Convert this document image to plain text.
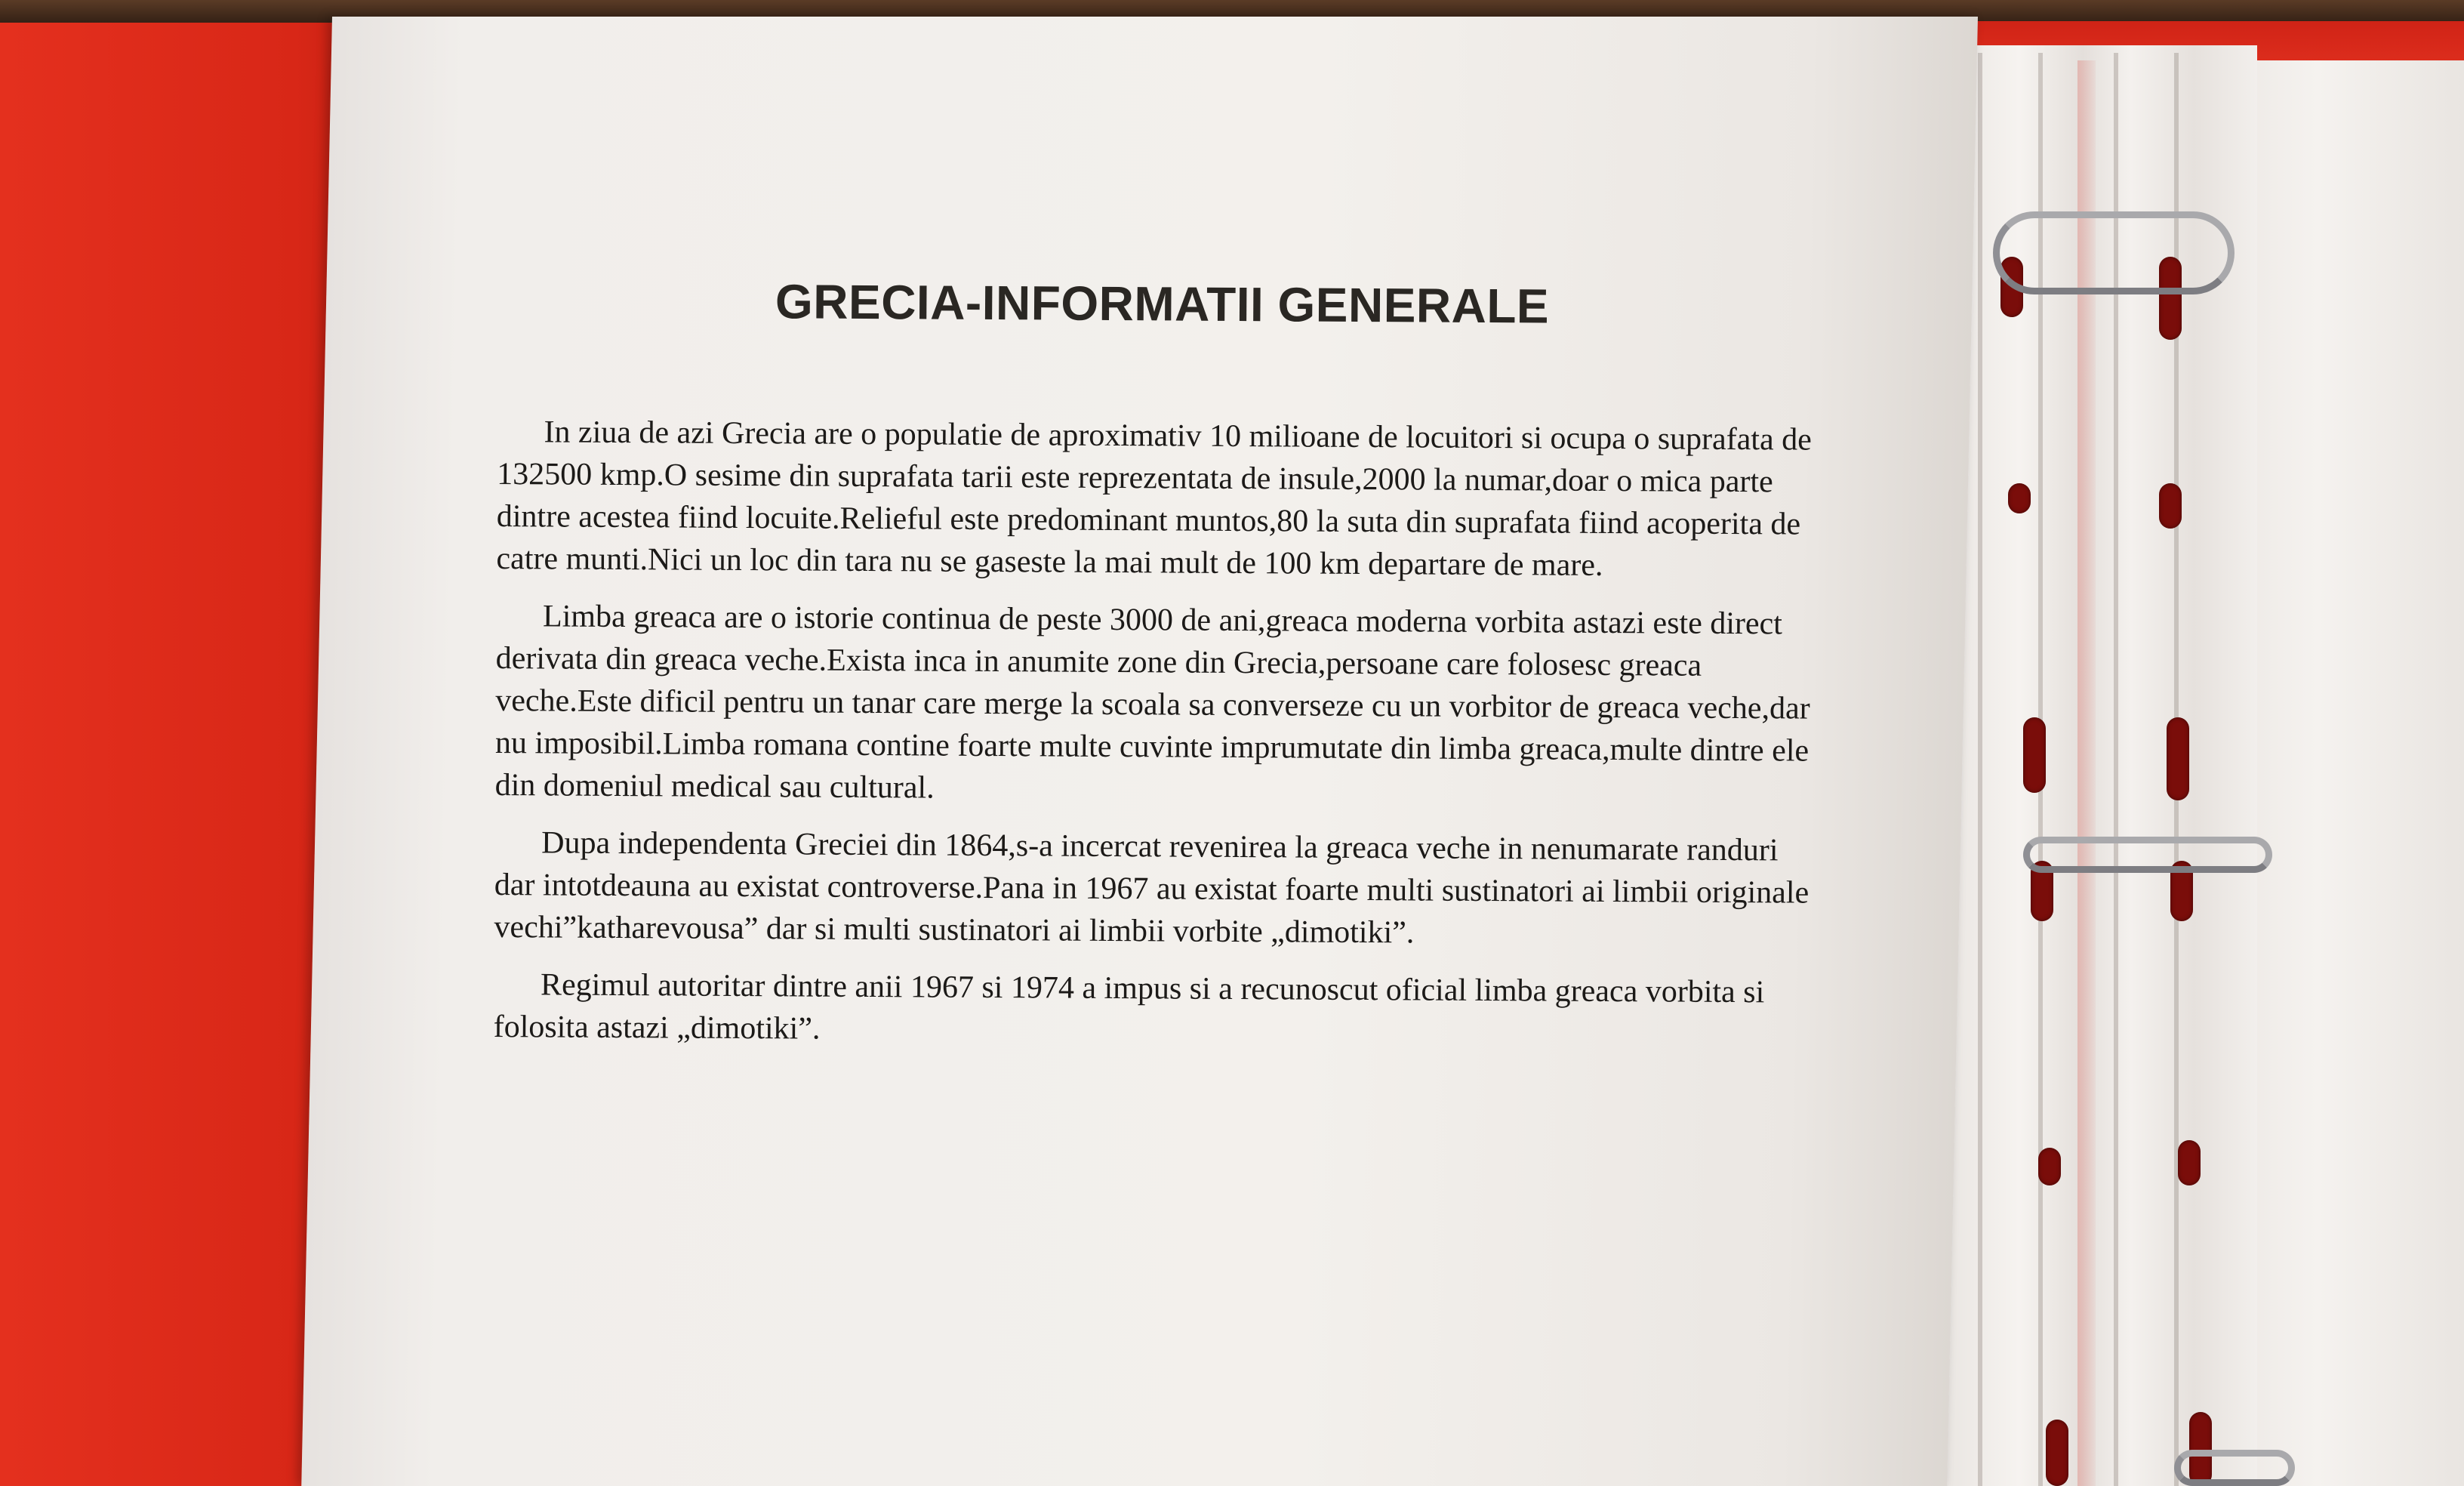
GRECIA-INFORMATII GENERALE

In ziua de azi Grecia are o populatie de aproximativ 10 milioane de locuitori si ocupa o suprafata de 132500 kmp.O sesime din suprafata tarii este reprezentata de insule,2000 la numar,doar o mica parte dintre acestea fiind locuite.Relieful este predominant muntos,80 la suta din suprafata fiind acoperita de catre munti.Nici un loc din tara nu se gaseste la mai mult de 100 km departare de mare.

Limba greaca are o istorie continua de peste 3000 de ani,greaca moderna vorbita astazi este direct derivata din greaca veche.Exista inca in anumite zone din Grecia,persoane care folosesc greaca veche.Este dificil pentru un tanar care merge la scoala sa converseze cu un vorbitor de greaca veche,dar nu imposibil.Limba romana contine foarte multe cuvinte imprumutate din limba greaca,multe dintre ele din domeniul medical sau cultural.

Dupa independenta Greciei din 1864,s-a incercat revenirea la greaca veche in nenumarate randuri dar intotdeauna au existat controverse.Pana in 1967 au existat foarte multi sustinatori ai limbii originale vechi”katharevousa” dar si multi sustinatori ai limbii vorbite „dimotiki”.

Regimul autoritar dintre anii 1967 si 1974 a impus si a recunoscut oficial limba greaca vorbita si folosita astazi „dimotiki”.
